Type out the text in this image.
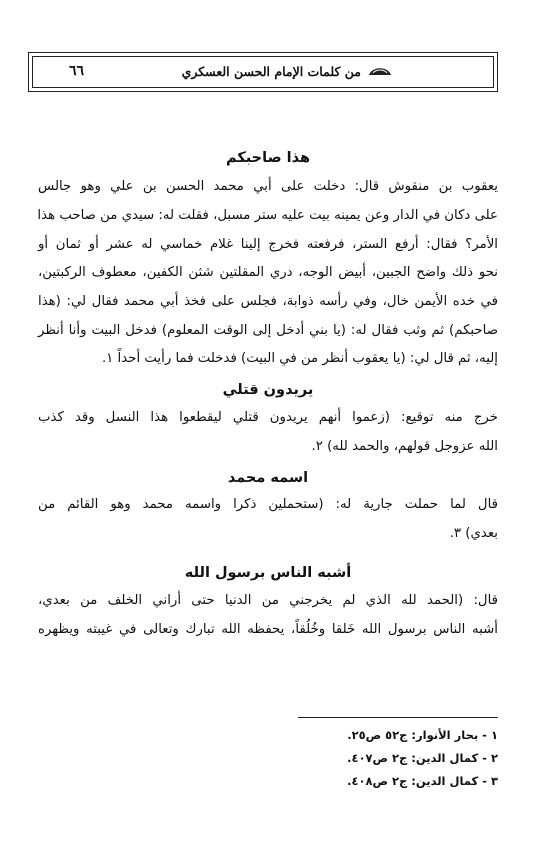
٦٦	من كلمات الإمام الحسن العسكري
هذا صاحبكم
يعقوب بن منقوش قال: دخلت على أبي محمد الحسن بن علي وهو جالس
على دكان في الدار وعن يمينه بيت عليه ستر مسبل، فقلت له: سيدي من صاحب هذا
الأمر؟ فقال: أرفع الستر، فرفعته فخرج إلينا غلام خماسي له عشر أو ثمان أو
نحو ذلك واضح الجبين، أبيض الوجه، دري المقلتين شثن الكفين، معطوف الركبتين،
في خده الأيمن خال، وفي رأسه ذوابة، فجلس على فخذ أبي محمد فقال لي: (هذا
صاحبكم) ثم وثب فقال له: (يا بني أدخل إلى الوقت المعلوم) فدخل البيت وأنا أنظر
إليه، ثم قال لي: (يا يعقوب أنظر من في البيت) فدخلت فما رأيت أحداً ١.
يريدون قتلي
خرج منه توقيع: (زعموا أنهم يريدون قتلي ليقطعوا هذا النسل وقد كذب
الله عزوجل قولهم، والحمد لله) ٢.
اسمه محمد
قال لما حملت جارية له: (ستحملين ذكرا واسمه محمد وهو القائم من
بعدي) ٣.
أشبه الناس برسول الله
قال: (الحمد لله الذي لم يخرجني من الدنيا حتى أراني الخلف من بعدي،
أشبه الناس برسول الله خَلقا وخُلُقاً، يحفظه الله تبارك وتعالى في غيبته ويظهره
١ - بحار الأنوار: ج٥٢ ص٢٥.
٢ - كمال الدين: ج٢ ص٤٠٧.
٣ - كمال الدين: ج٢ ص٤٠٨.
